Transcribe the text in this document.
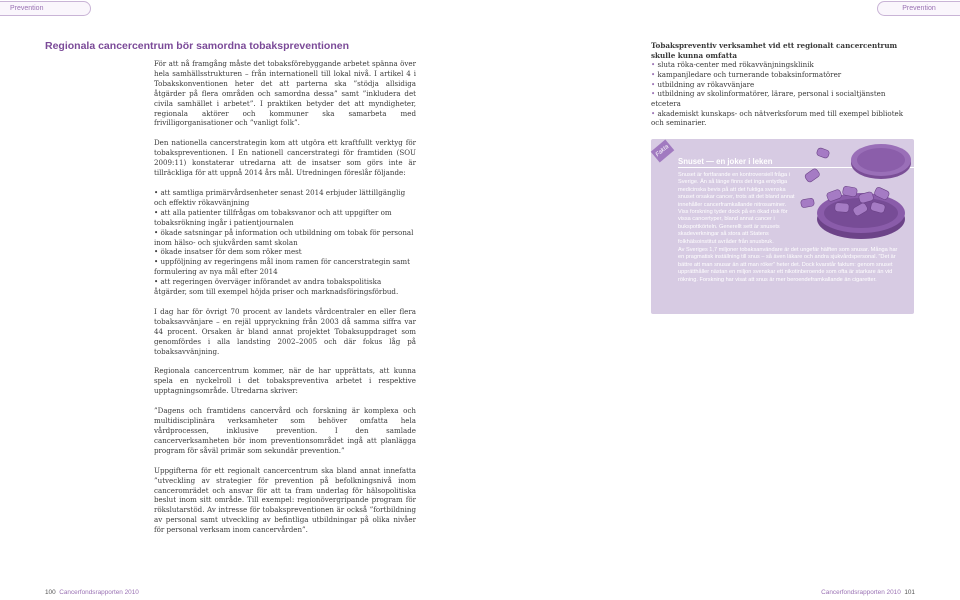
Prevention	Prevention
Regionala cancercentrum bör samordna tobakspreventionen

För att nå framgång måste det tobaksförebyggande arbetet spänna över hela samhällsstrukturen – från internationell till lokal nivå. I artikel 4 i Tobakskonventionen heter det att parterna ska ”stödja allsidiga åtgärder på flera områden och samordna dessa” samt ”inkludera det civila samhället i arbetet”. I praktiken betyder det att myndigheter, regionala aktörer och kommuner ska samarbeta med frivilligorganisationer och ”vanligt folk”.

Den nationella cancerstrategin kom att utgöra ett kraftfullt verktyg för tobakspreventionen. I En nationell cancerstrategi för framtiden (SOU 2009:11) konstaterar utredarna att de insatser som görs inte är tillräckliga för att uppnå 2014 års mål. Utredningen föreslår följande:

• att samtliga primärvårdsenheter senast 2014 erbjuder lättillgänglig och effektiv rökavvänjning
• att alla patienter tillfrågas om tobaksvanor och att uppgifter om tobaksrökning ingår i patientjournalen
• ökade satsningar på information och utbildning om tobak för personal inom hälso- och sjukvården samt skolan
• ökade insatser för dem som röker mest
• uppföljning av regeringens mål inom ramen för cancerstrategin samt formulering av nya mål efter 2014
• att regeringen överväger införandet av andra tobakspolitiska åtgärder, som till exempel höjda priser och marknadsföringsförbud.

I dag har för övrigt 70 procent av landets vårdcentraler en eller flera tobaksavvänjare – en rejäl uppryckning från 2003 då samma siffra var 44 procent. Orsaken är bland annat projektet Tobaksuppdraget som genomfördes i alla landsting 2002–2005 och där fokus låg på tobaksavvänjning.

Regionala cancercentrum kommer, när de har upprättats, att kunna spela en nyckelroll i det tobakspreventiva arbetet i respektive upptagningsområde. Utredarna skriver:

”Dagens och framtidens cancervård och forskning är komplexa och multidisciplinära verksamheter som behöver omfatta hela vårdprocessen, inklusive prevention. I den samlade cancerverksamheten bör inom preventionsområdet ingå att planlägga program för såväl primär som sekundär prevention.”

Uppgifterna för ett regionalt cancercentrum ska bland annat innefatta ”utveckling av strategier för prevention på befolkningsnivå inom canceromrädet och ansvar för att ta fram underlag för hälsopolitiska beslut inom sitt område. Till exempel: regionövergripande program för rökslutarstöd. Av intresse för tobakspreventionen är också ”fortbildning av personal samt utveckling av befintliga utbildningar på olika nivåer för personal verksam inom cancervården”.

Tobakspreventiv verksamhet vid ett regionalt cancercentrum skulle kunna omfatta

• sluta röka-center med rökavvänjningsklinik
• kampanjledare och turnerande tobaksinformatörer
• utbildning av rökavvänjare
• utbildning av skolinformatörer, lärare, personal i socialtjänsten etcetera
• akademiskt kunskaps- och nätverksforum med till exempel bibliotek och seminarier.
Fakta
Snuset — en joker i leken

Snuset är fortfarande en kontroversiell fråga i Sverige. Än så länge finns det inga entydiga medicinska bevis på att det fuktiga svenska snuset orsakar cancer, trots att det bland annat innehåller cancerframkallande nitrosaminer. Viss forskning tyder dock på en ökad risk för vissa cancertyper, bland annat cancer i bukspottkörteln. Generellt sett är snusets skadeverkningar så stora att Statens folkhälsoinstitut avråder från snusbruk.

Av Sveriges 1,7 miljoner tobaksanvändare är det ungefär hälften som snusar. Många har en pragmatisk inställning till snus – så även läkare och andra sjukvårdspersonal. ”Det är bättre att man snusar än att man röker” heter det. Dock kvarstår faktum: genom snuset upprätthåller nästan en miljon svenskar ett nikotinberoende som ofta är starkare än vid rökning. Forskning har visat att snus är mer beroendeframkallande än cigaretter.

100 Cancerfondsrapporten 2010	Cancerfondsrapporten 2010 101
